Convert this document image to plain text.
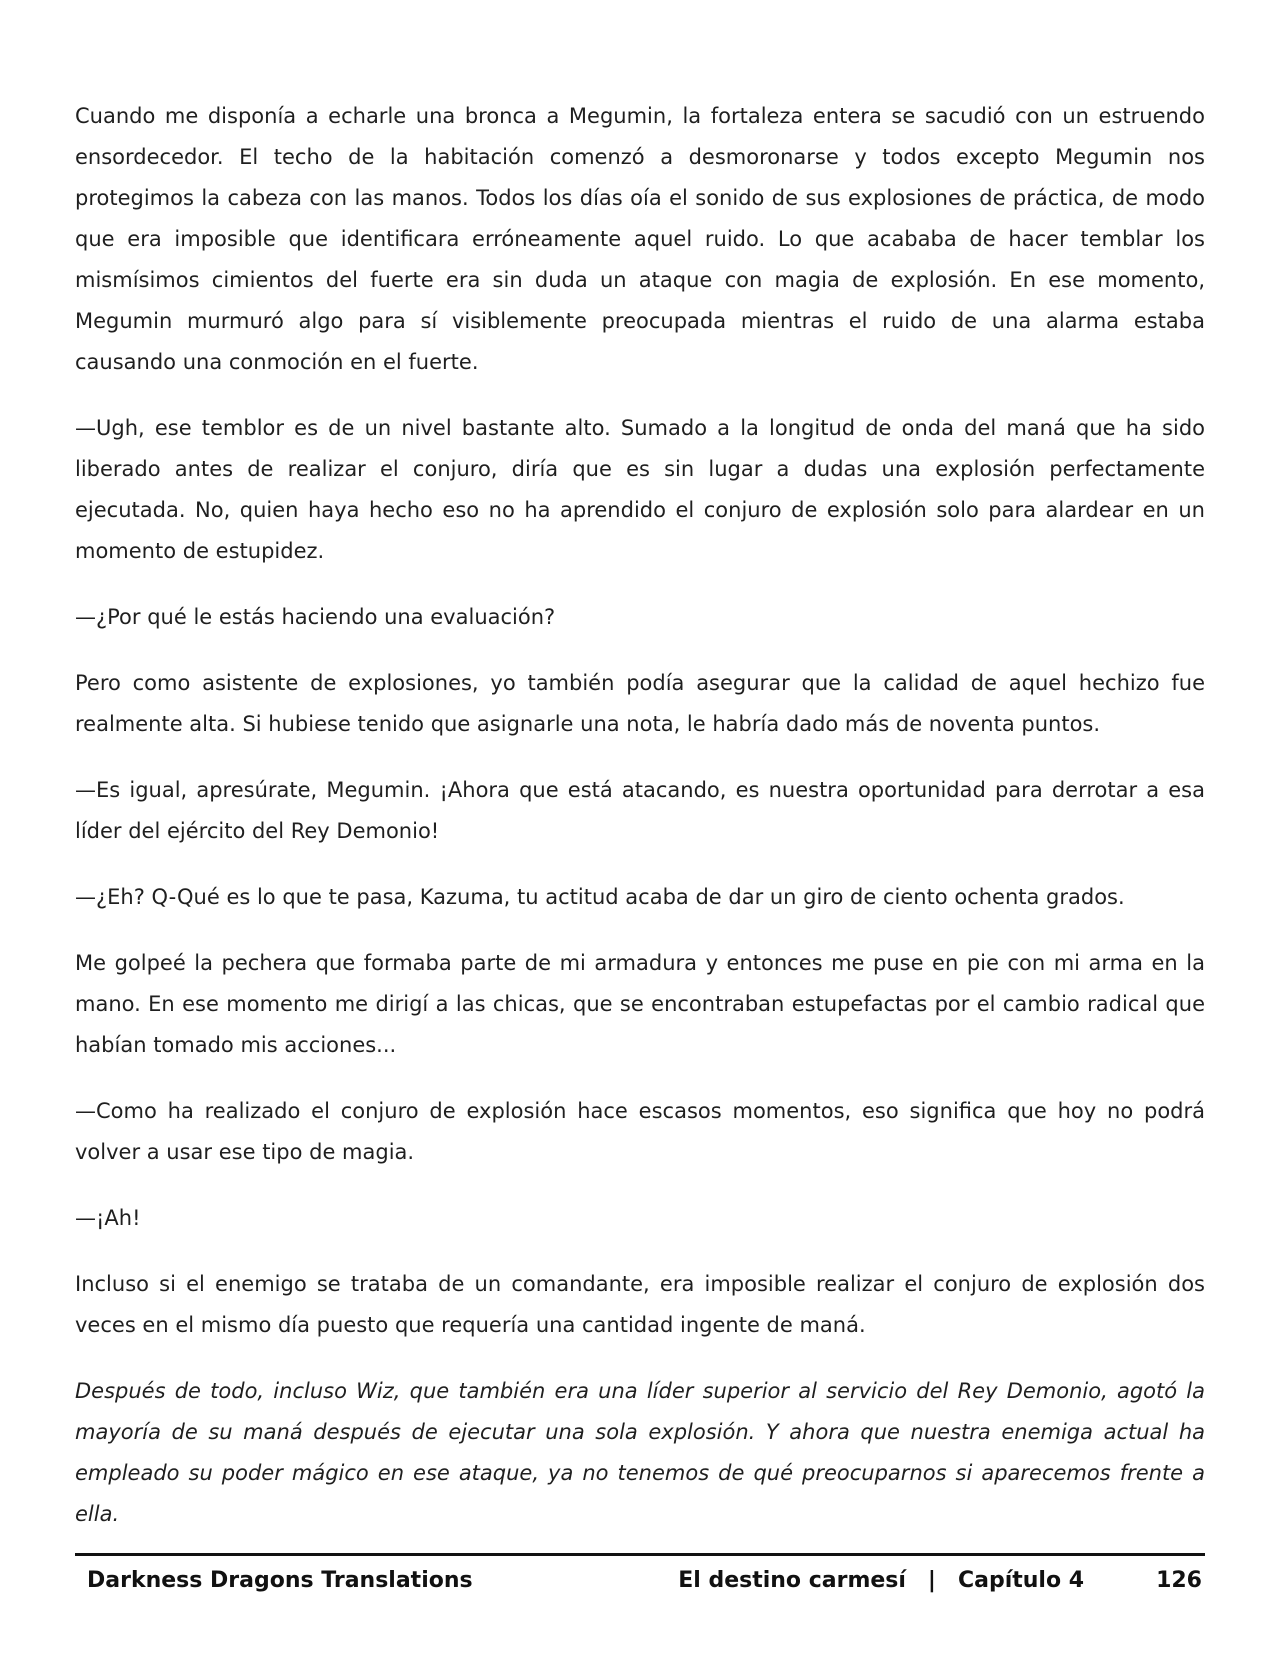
Cuando me disponía a echarle una bronca a Megumin, la fortaleza entera se sacudió con un estruendo ensordecedor. El techo de la habitación comenzó a desmoronarse y todos excepto Megumin nos protegimos la cabeza con las manos. Todos los días oía el sonido de sus explosiones de práctica, de modo que era imposible que identificara erróneamente aquel ruido. Lo que acababa de hacer temblar los mismísimos cimientos del fuerte era sin duda un ataque con magia de explosión. En ese momento, Megumin murmuró algo para sí visiblemente preocupada mientras el ruido de una alarma estaba causando una conmoción en el fuerte.

—Ugh, ese temblor es de un nivel bastante alto. Sumado a la longitud de onda del maná que ha sido liberado antes de realizar el conjuro, diría que es sin lugar a dudas una explosión perfectamente ejecutada. No, quien haya hecho eso no ha aprendido el conjuro de explosión solo para alardear en un momento de estupidez.

—¿Por qué le estás haciendo una evaluación?

Pero como asistente de explosiones, yo también podía asegurar que la calidad de aquel hechizo fue realmente alta. Si hubiese tenido que asignarle una nota, le habría dado más de noventa puntos.

—Es igual, apresúrate, Megumin. ¡Ahora que está atacando, es nuestra oportunidad para derrotar a esa líder del ejército del Rey Demonio!

—¿Eh? Q-Qué es lo que te pasa, Kazuma, tu actitud acaba de dar un giro de ciento ochenta grados.

Me golpeé la pechera que formaba parte de mi armadura y entonces me puse en pie con mi arma en la mano. En ese momento me dirigí a las chicas, que se encontraban estupefactas por el cambio radical que habían tomado mis acciones...

—Como ha realizado el conjuro de explosión hace escasos momentos, eso significa que hoy no podrá volver a usar ese tipo de magia.

—¡Ah!

Incluso si el enemigo se trataba de un comandante, era imposible realizar el conjuro de explosión dos veces en el mismo día puesto que requería una cantidad ingente de maná.

Después de todo, incluso Wiz, que también era una líder superior al servicio del Rey Demonio, agotó la mayoría de su maná después de ejecutar una sola explosión. Y ahora que nuestra enemiga actual ha empleado su poder mágico en ese ataque, ya no tenemos de qué preocuparnos si aparecemos frente a ella.

Darkness Dragons Translations	El destino carmesí | Capítulo 4	126
